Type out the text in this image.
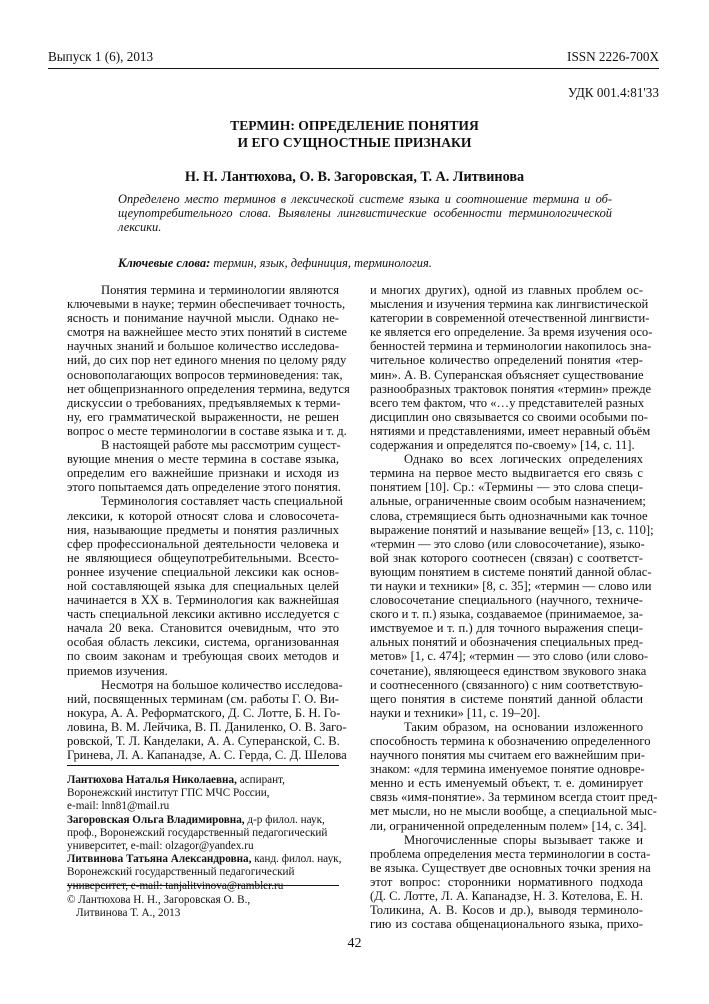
Выпуск 1 (6), 2013	ISSN 2226-700X
УДК 001.4:81'33
ТЕРМИН: ОПРЕДЕЛЕНИЕ ПОНЯТИЯ
И ЕГО СУЩНОСТНЫЕ ПРИЗНАКИ
Н. Н. Лантюхова, О. В. Загоровская, Т. А. Литвинова
Определено место терминов в лексической системе языка и соотношение термина и об-
щеупотребительного слова. Выявлены лингвистические особенности терминологической
лексики.
Ключевые слова: термин, язык, дефиниция, терминология.
Понятия термина и терминологии являются
ключевыми в науке; термин обеспечивает точность,
ясность и понимание научной мысли. Однако не-
смотря на важнейшее место этих понятий в системе
научных знаний и большое количество исследова-
ний, до сих пор нет единого мнения по целому ряду
основополагающих вопросов терминоведения: так,
нет общепризнанного определения термина, ведутся
дискуссии о требованиях, предъявляемых к терми-
ну, его грамматической выраженности, не решен
вопрос о месте терминологии в составе языка и т. д.
В настоящей работе мы рассмотрим сущест-
вующие мнения о месте термина в составе языка,
определим его важнейшие признаки и исходя из
этого попытаемся дать определение этого понятия.
Терминология составляет часть специальной
лексики, к которой относят слова и словосочета-
ния, называющие предметы и понятия различных
сфер профессиональной деятельности человека и
не являющиеся общеупотребительными. Всесто-
роннее изучение специальной лексики как основ-
ной составляющей языка для специальных целей
начинается в XX в. Терминология как важнейшая
часть специальной лексики активно исследуется с
начала 20 века. Становится очевидным, что это
особая область лексики, система, организованная
по своим законам и требующая своих методов и
приемов изучения.
Несмотря на большое количество исследова-
ний, посвященных терминам (см. работы Г. О. Ви-
нокура, А. А. Реформатского, Д. С. Лотте, Б. Н. Го-
ловина, В. М. Лейчика, В. П. Даниленко, О. В. Заго-
ровской, Т. Л. Канделаки, А. А. Суперанской, С. В.
Гринева, Л. А. Капанадзе, А. С. Герда, С. Д. Шелова
и многих других), одной из главных проблем ос-
мысления и изучения термина как лингвистической
категории в современной отечественной лингвисти-
ке является его определение. За время изучения осо-
бенностей термина и терминологии накопилось зна-
чительное количество определений понятия «тер-
мин». А. В. Суперанская объясняет существование
разнообразных трактовок понятия «термин» прежде
всего тем фактом, что «…у представителей разных
дисциплин оно связывается со своими особыми по-
нятиями и представлениями, имеет неравный объём
содержания и определятся по-своему» [14, с. 11].
Однако во всех логических определениях
термина на первое место выдвигается его связь с
понятием [10]. Ср.: «Термины — это слова специ-
альные, ограниченные своим особым назначением;
слова, стремящиеся быть однозначными как точное
выражение понятий и называние вещей» [13, с. 110];
«термин — это слово (или словосочетание), языко-
вой знак которого соотнесен (связан) с соответст-
вующим понятием в системе понятий данной облас-
ти науки и техники» [8, с. 35]; «термин — слово или
словосочетание специального (научного, техниче-
ского и т. п.) языка, создаваемое (принимаемое, за-
имствуемое и т. п.) для точного выражения специ-
альных понятий и обозначения специальных пред-
метов» [1, с. 474]; «термин — это слово (или слово-
сочетание), являющееся единством звукового знака
и соотнесенного (связанного) с ним соответствую-
щего понятия в системе понятий данной области
науки и техники» [11, с. 19–20].
Таким образом, на основании изложенного
способность термина к обозначению определенного
научного понятия мы считаем его важнейшим при-
знаком: «для термина именуемое понятие одновре-
менно и есть именуемый объект, т. е. доминирует
связь «имя-понятие». За термином всегда стоит пред-
мет мысли, но не мысли вообще, а специальной мыс-
ли, ограниченной определенным полем» [14, с. 34].
Многочисленные споры вызывает также и
проблема определения места терминологии в соста-
ве языка. Существует две основных точки зрения на
этот вопрос: сторонники нормативного подхода
(Д. С. Лотте, Л. А. Капанадзе, Н. З. Котелова, Е. Н.
Толикина, А. В. Косов и др.), выводя терминоло-
гию из состава общенационального языка, прихо-
Лантюхова Наталья Николаевна, аспирант,
Воронежский институт ГПС МЧС России,
e-mail: lnn81@mail.ru
Загоровская Ольга Владимировна, д-р филол. наук,
проф., Воронежский государственный педагогический
университет, e-mail: olzagor@yandex.ru
Литвинова Татьяна Александровна, канд. филол. наук,
Воронежский государственный педагогический
университет, e-mail: tanjalitvinova@rambler.ru
© Лантюхова Н. Н., Загоровская О. В.,
Литвинова Т. А., 2013
42
